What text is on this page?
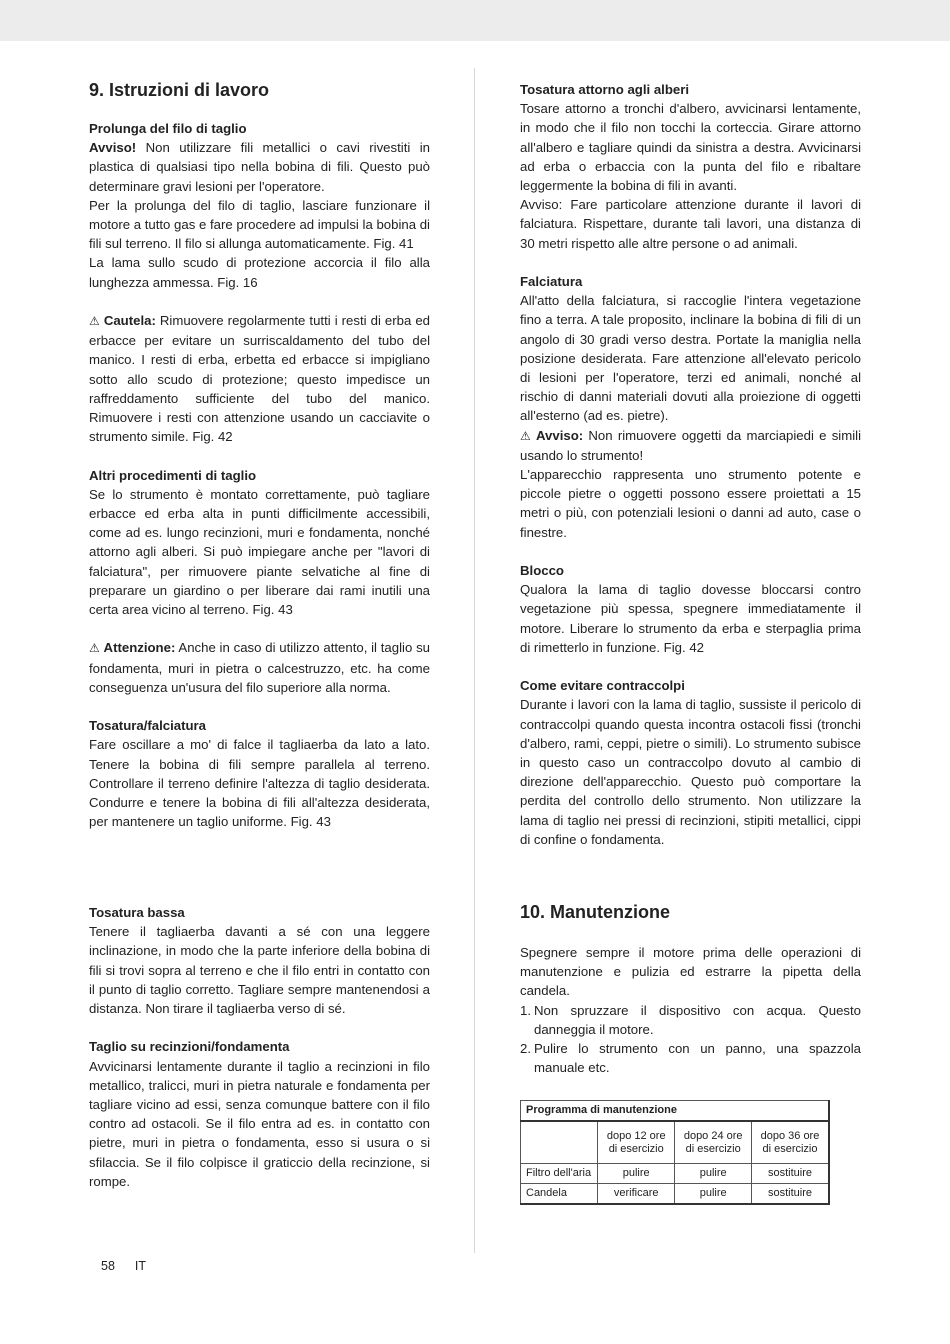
9. Istruzioni di lavoro

Prolunga del filo di taglio

Avviso! Non utilizzare fili metallici o cavi rivestiti in plastica di qualsiasi tipo nella bobina di fili. Questo può determinare gravi lesioni per l'operatore.

Per la prolunga del filo di taglio, lasciare funzionare il motore a tutto gas e fare procedere ad impulsi la bobina di fili sul terreno. Il filo si allunga automaticamente. Fig. 41

La lama sullo scudo di protezione accorcia il filo alla lunghezza ammessa. Fig. 16

⚠ Cautela: Rimuovere regolarmente tutti i resti di erba ed erbacce per evitare un surriscaldamento del tubo del manico. I resti di erba, erbetta ed erbacce si impigliano sotto allo scudo di protezione; questo impedisce un raffreddamento sufficiente del tubo del manico. Rimuovere i resti con attenzione usando un cacciavite o strumento simile. Fig. 42

Altri procedimenti di taglio

Se lo strumento è montato correttamente, può tagliare erbacce ed erba alta in punti difficilmente accessibili, come ad es. lungo recinzioni, muri e fondamenta, nonché attorno agli alberi. Si può impiegare anche per "lavori di falciatura", per rimuovere piante selvatiche al fine di preparare un giardino o per liberare dai rami inutili una certa area vicino al terreno. Fig. 43

⚠ Attenzione: Anche in caso di utilizzo attento, il taglio su fondamenta, muri in pietra o calcestruzzo, etc. ha come conseguenza un'usura del filo superiore alla norma.

Tosatura/falciatura

Fare oscillare a mo' di falce il tagliaerba da lato a lato. Tenere la bobina di fili sempre parallela al terreno. Controllare il terreno definire l'altezza di taglio desiderata. Condurre e tenere la bobina di fili all'altezza desiderata, per mantenere un taglio uniforme. Fig. 43

Tosatura attorno agli alberi

Tosare attorno a tronchi d'albero, avvicinarsi lentamente, in modo che il filo non tocchi la corteccia. Girare attorno all'albero e tagliare quindi da sinistra a destra. Avvicinarsi ad erba o erbaccia con la punta del filo e ribaltare leggermente la bobina di fili in avanti.

Avviso: Fare particolare attenzione durante il lavori di falciatura. Rispettare, durante tali lavori, una distanza di 30 metri rispetto alle altre persone o ad animali.

Falciatura

All'atto della falciatura, si raccoglie l'intera vegetazione fino a terra. A tale proposito, inclinare la bobina di fili di un angolo di 30 gradi verso destra. Portate la maniglia nella posizione desiderata. Fare attenzione all'elevato pericolo di lesioni per l'operatore, terzi ed animali, nonché al rischio di danni materiali dovuti alla proiezione di oggetti all'esterno (ad es. pietre).

⚠ Avviso: Non rimuovere oggetti da marciapiedi e simili usando lo strumento!

L'apparecchio rappresenta uno strumento potente e piccole pietre o oggetti possono essere proiettati a 15 metri o più, con potenziali lesioni o danni ad auto, case o finestre.

Blocco

Qualora la lama di taglio dovesse bloccarsi contro vegetazione più spessa, spegnere immediatamente il motore. Liberare lo strumento da erba e sterpaglia prima di rimetterlo in funzione. Fig. 42

Come evitare contraccolpi

Durante i lavori con la lama di taglio, sussiste il pericolo di contraccolpi quando questa incontra ostacoli fissi (tronchi d'albero, rami, ceppi, pietre o simili). Lo strumento subisce in questo caso un contraccolpo dovuto al cambio di direzione dell'apparecchio. Questo può comportare la perdita del controllo dello strumento. Non utilizzare la lama di taglio nei pressi di recinzioni, stipiti metallici, cippi di confine o fondamenta.

Tosatura bassa

Tenere il tagliaerba davanti a sé con una leggere inclinazione, in modo che la parte inferiore della bobina di fili si trovi sopra al terreno e che il filo entri in contatto con il punto di taglio corretto. Tagliare sempre mantenendosi a distanza. Non tirare il tagliaerba verso di sé.

Taglio su recinzioni/fondamenta

Avvicinarsi lentamente durante il taglio a recinzioni in filo metallico, tralicci, muri in pietra naturale e fondamenta per tagliare vicino ad essi, senza comunque battere con il filo contro ad ostacoli. Se il filo entra ad es. in contatto con pietre, muri in pietra o fondamenta, esso si usura o si sfilaccia. Se il filo colpisce il graticcio della recinzione, si rompe.

10. Manutenzione

Spegnere sempre il motore prima delle operazioni di manutenzione e pulizia ed estrarre la pipetta della candela.

1. Non spruzzare il dispositivo con acqua. Questo danneggia il motore.
2. Pulire lo strumento con un panno, una spazzola manuale etc.
Programma di manutenzione			
	dopo 12 ore di esercizio	dopo 24 ore di esercizio	dopo 36 ore di esercizio
Filtro dell'aria	pulire	pulire	sostituire
Candela	verificare	pulire	sostituire
58 IT
